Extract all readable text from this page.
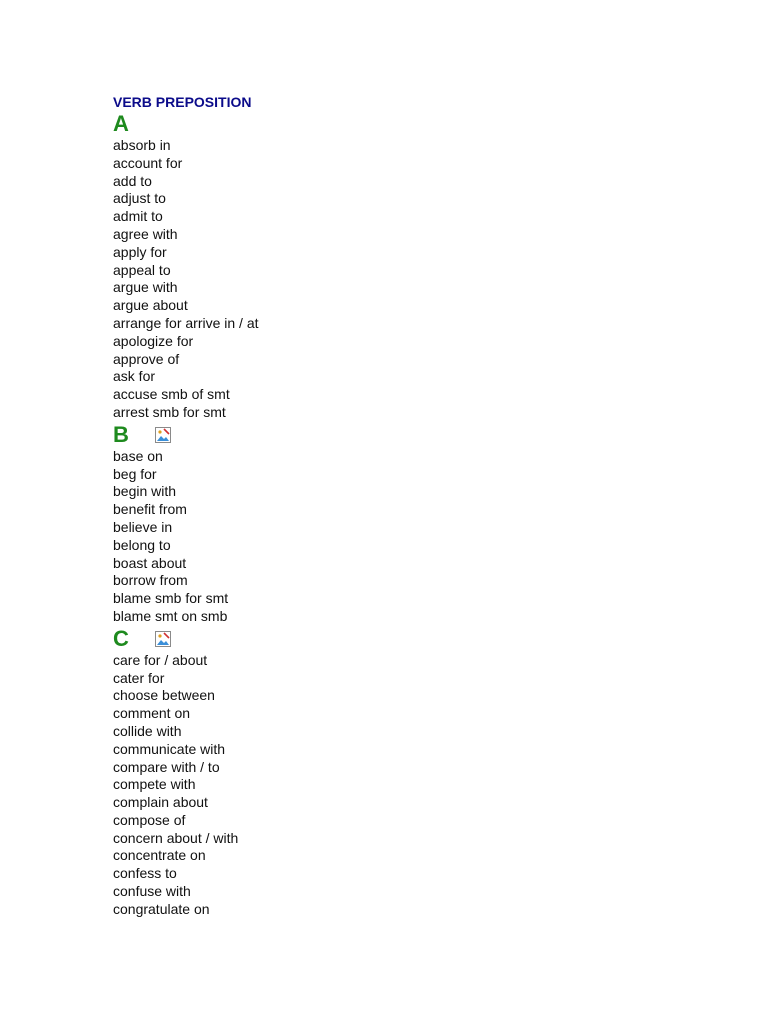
VERB PREPOSITION
A
absorb in
account for
add to
adjust to
admit to
agree with
apply for
appeal to
argue with
argue about
arrange for arrive in / at
apologize for
approve of
ask for
accuse smb of smt
arrest smb for smt
B
base on
beg for
begin with
benefit from
believe in
belong to
boast about
borrow from
blame smb for smt
blame smt on smb
C
care for / about
cater for
choose between
comment on
collide with
communicate with
compare with / to
compete with
complain about
compose of
concern about / with
concentrate on
confess to
confuse with
congratulate on
